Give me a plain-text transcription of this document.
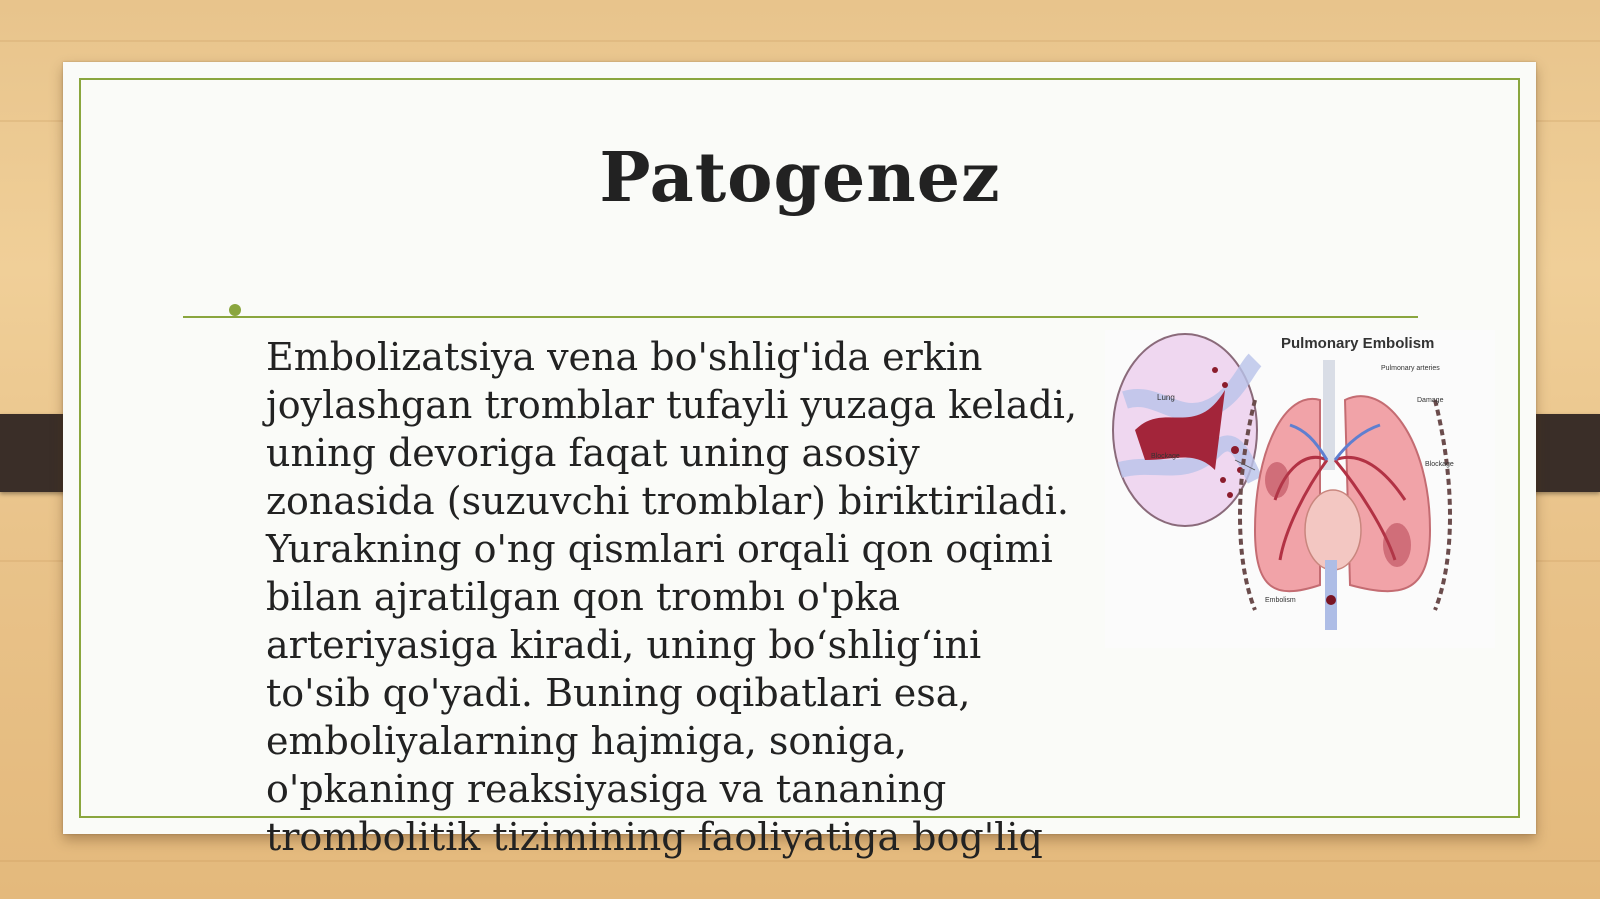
Patogenez

Embolizatsiya vena bo'shlig'ida erkin joylashgan tromblar tufayli yuzaga keladi, uning devoriga faqat uning asosiy zonasida (suzuvchi tromblar) biriktiriladi. Yurakning o'ng qismlari orqali qon oqimi bilan ajratilgan qon trombı o'pka arteriyasiga kiradi, uning bo‘shlig‘ini to'sib qo'yadi. Buning oqibatlari esa, emboliyalarning hajmiga, soniga, o'pkaning reaksiyasiga va tananing trombolitik tizimining faoliyatiga bog'liq

Pulmonary Embolism
Lung
Blockage
Pulmonary arteries
Damage
Blockage
Embolism
